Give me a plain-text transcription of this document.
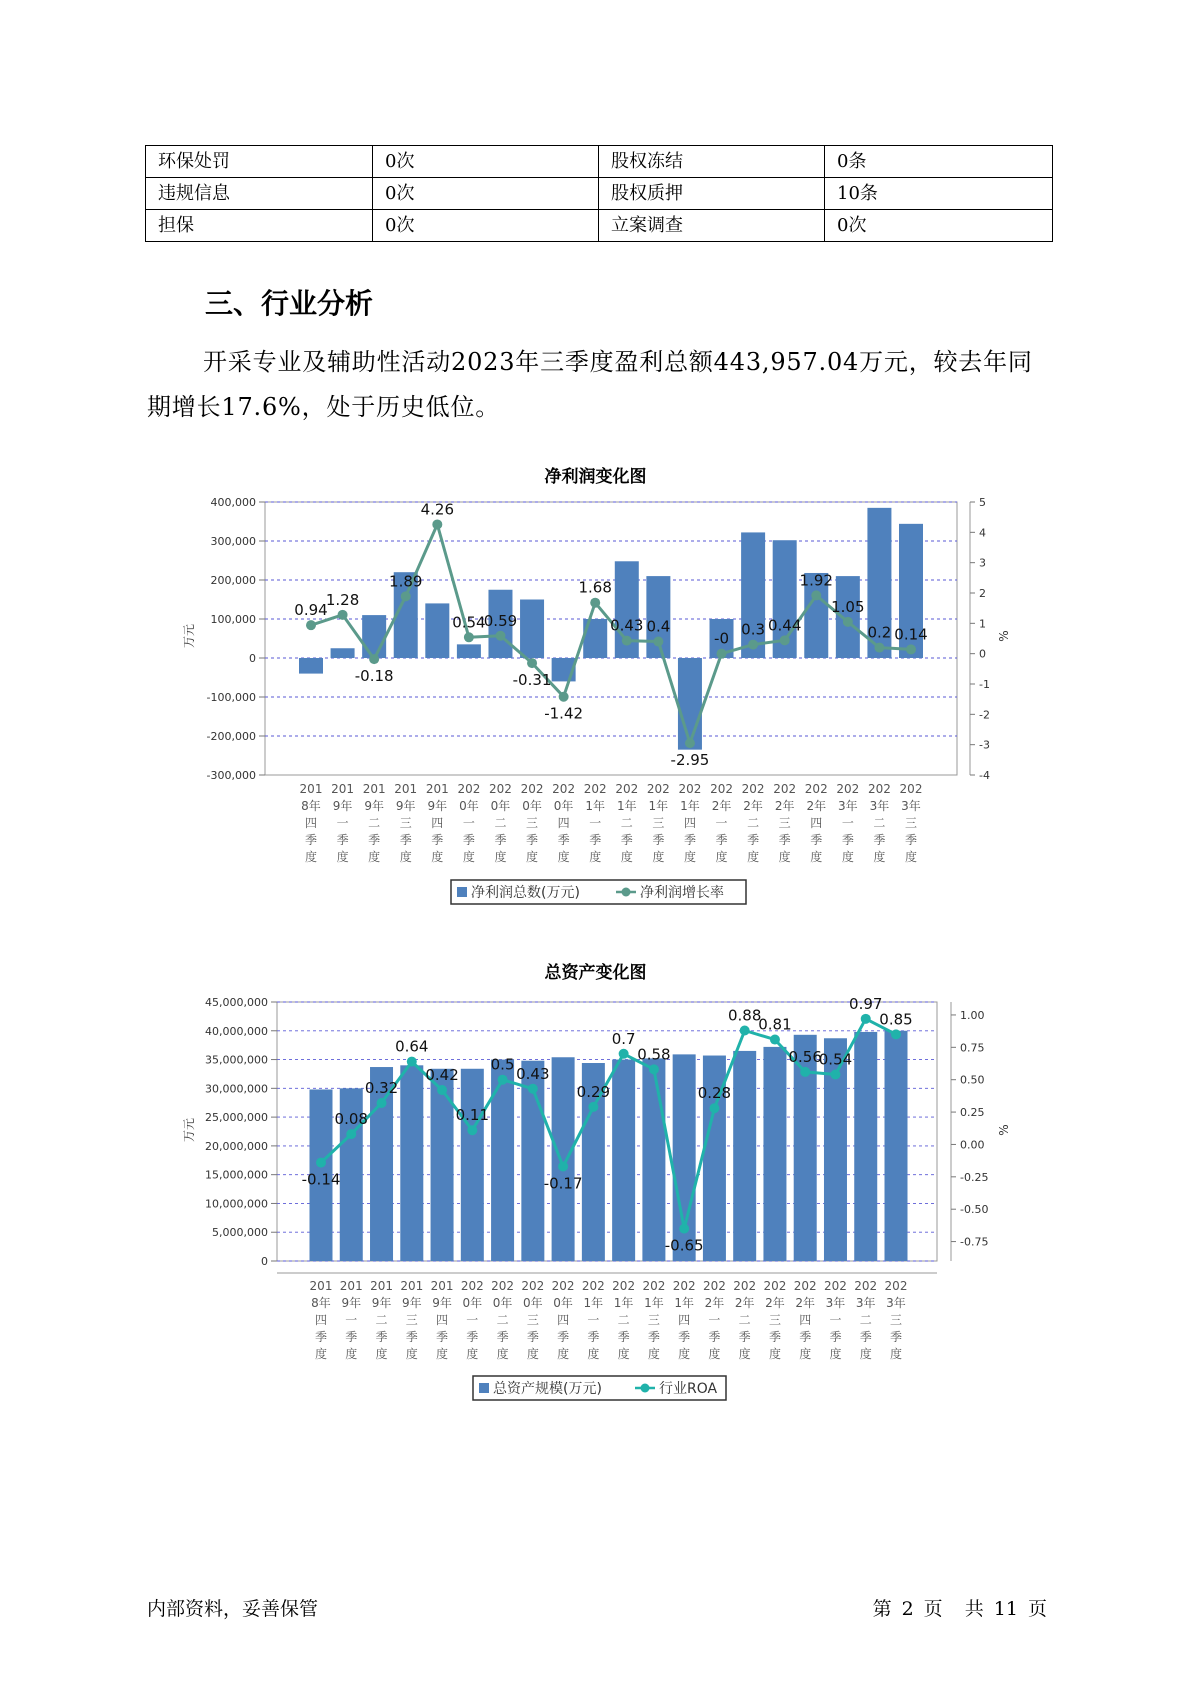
环保处罚	0次	股权冻结	0条
违规信息	0次	股权质押	10条
担保	0次	立案调查	0次
三、行业分析

开采专业及辅助性活动2023年三季度盈利总额443,957.04万元，较去年同期增长17.6%，处于历史低位。

净利润变化图
400,000
300,000
200,000
100,000
0
-100,000
-200,000
-300,000
5
4
3
2
1
0
-1
-2
-3
-4
万元	%
0.94
1.28
-0.18
1.89
4.26
0.54
0.59
-0.31
-1.42
1.68
0.43 0.4
-2.95
-0
0.3 0.44
1.92
1.05
0.2 0.14
201 8年四季度
201 9年一季度
201 9年二季度
201 9年三季度
201 9年四季度
202 0年一季度
202 0年二季度
202 0年三季度
202 0年四季度
202 1年一季度
202 1年二季度
202 1年三季度
202 1年四季度
202 2年一季度
202 2年二季度
202 2年三季度
202 2年四季度
202 3年一季度
202 3年二季度
202 3年三季度
净利润总数(万元)	净利润增长率
总资产变化图
45,000,000
40,000,000
35,000,000
30,000,000
25,000,000
20,000,000
15,000,000
10,000,000
5,000,000
0
1.00
0.75
0.50
0.25
0.00
-0.25
-0.50
-0.75
万元	%
-0.14
0.08
0.32
0.64
0.42
0.11
0.5
0.43
-0.17
0.29
0.7
0.58
-0.65
0.28
0.88
0.81
0.56
0.54
0.97
0.85
201 8年四季度
201 9年一季度
201 9年二季度
201 9年三季度
201 9年四季度
202 0年一季度
202 0年二季度
202 0年三季度
202 0年四季度
202 1年一季度
202 1年二季度
202 1年三季度
202 1年四季度
202 2年一季度
202 2年二季度
202 2年三季度
202 2年四季度
202 3年一季度
202 3年二季度
202 3年三季度
总资产规模(万元)	行业ROA
内部资料，妥善保管	第 2 页 共 11 页
